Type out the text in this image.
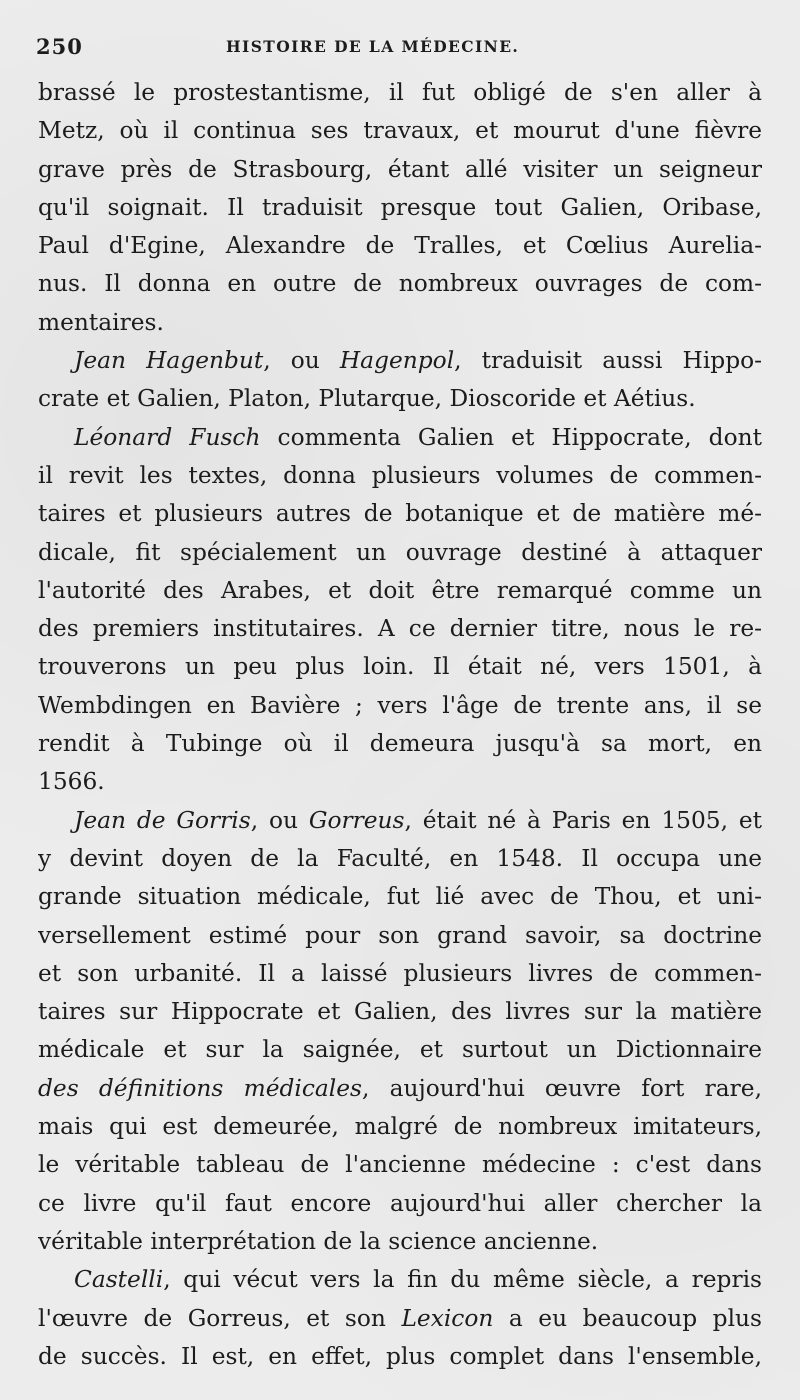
250	HISTOIRE DE LA MÉDECINE.
brassé le prostestantisme, il fut obligé de s'en aller à
Metz, où il continua ses travaux, et mourut d'une fièvre
grave près de Strasbourg, étant allé visiter un seigneur
qu'il soignait. Il traduisit presque tout Galien, Oribase,
Paul d'Egine, Alexandre de Tralles, et Cœlius Aurelia-
nus. Il donna en outre de nombreux ouvrages de com-
mentaires.
Jean Hagenbut, ou Hagenpol, traduisit aussi Hippo-
crate et Galien, Platon, Plutarque, Dioscoride et Aétius.
Léonard Fusch commenta Galien et Hippocrate, dont
il revit les textes, donna plusieurs volumes de commen-
taires et plusieurs autres de botanique et de matière mé-
dicale, fit spécialement un ouvrage destiné à attaquer
l'autorité des Arabes, et doit être remarqué comme un
des premiers institutaires. A ce dernier titre, nous le re-
trouverons un peu plus loin. Il était né, vers 1501, à
Wembdingen en Bavière ; vers l'âge de trente ans, il se
rendit à Tubinge où il demeura jusqu'à sa mort, en
1566.
Jean de Gorris, ou Gorreus, était né à Paris en 1505, et
y devint doyen de la Faculté, en 1548. Il occupa une
grande situation médicale, fut lié avec de Thou, et uni-
versellement estimé pour son grand savoir, sa doctrine
et son urbanité. Il a laissé plusieurs livres de commen-
taires sur Hippocrate et Galien, des livres sur la matière
médicale et sur la saignée, et surtout un Dictionnaire
des définitions médicales, aujourd'hui œuvre fort rare,
mais qui est demeurée, malgré de nombreux imitateurs,
le véritable tableau de l'ancienne médecine : c'est dans
ce livre qu'il faut encore aujourd'hui aller chercher la
véritable interprétation de la science ancienne.
Castelli, qui vécut vers la fin du même siècle, a repris
l'œuvre de Gorreus, et son Lexicon a eu beaucoup plus
de succès. Il est, en effet, plus complet dans l'ensemble,
